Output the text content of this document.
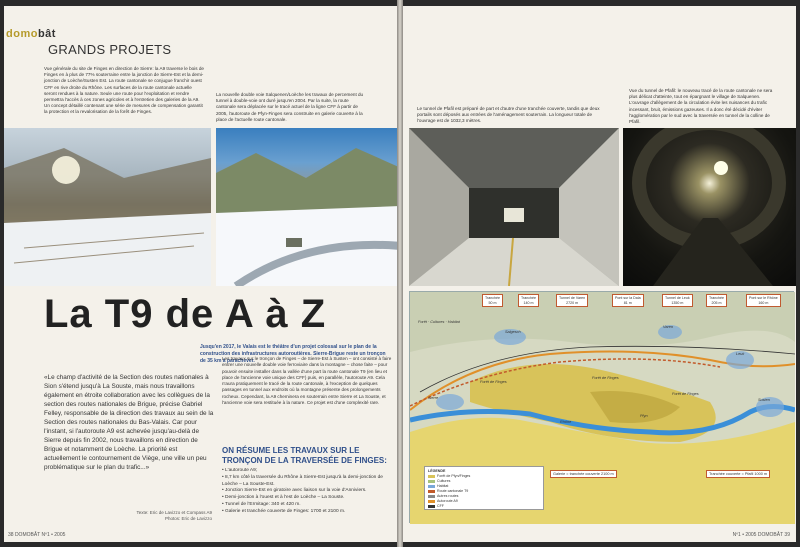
domobât
GRANDS PROJETS
Vue générale du site de Finges en direction de Sierre: la A9 traverse le bois de Finges en à plus de 77% souterraine entre la jonction de Sierre-Est et la demi-jonction de Loèche/Susten Est. La route cantonale se conjugue franchir ouest CFF en rive droite du Rhône. Les surfaces de la route cantonale actuelle seront rendues à la nature. Seule une route pour l'exploitation et rendre permettra l'accès à ces zones agricoles et à l'entretien des galeries de la A9. Un concept détaillé contenant une série de mesures de compensation garantit la protection et la revalorisation de la forêt de Finges.
La nouvelle double voie Salquenen/Loèche les travaux de percement du tunnel à double-voie ont duré jusqu'en 2004. Par la suite, la route cantonale sera déplacée sur le tracé actuel de la ligne CFF à partir de 2005, l'autoroute de Pfyn-Finges sera construite en galerie couverte à la place de l'actuelle route cantonale.
La T9 de A à Z
Jusqu'en 2017, le Valais est le théâtre d'un projet colossal sur le plan de la construction des infrastructures autoroutières. Sierre-Brigue reste un tronçon de 35 km à parachever.
«Le champ d'activité de la Section des routes nationales à Sion s'étend jusqu'à La Souste, mais nous travaillons également en étroite collaboration avec les collègues de la section des routes nationales de Brigue, précise Gabriel Felley, responsable de la direction des travaux au sein de la Section des routes nationales du Bas-Valais. Car pour l'instant, si l'autoroute A9 est achevée jusqu'au-delà de Sierre depuis fin 2002, nous travaillons en direction de Brigue et notamment de Loèche. La priorité est actuellement le contournement de Viège, une ville un peu problématique sur le plan du trafic...»
Texte: Eric de Lavizzo et Compass A9
Photos: Eric de Lavizzo
Les travaux sur le tronçon de Finges – de Sierre-Est à Susten – ont consisté à faire entrer une nouvelle double voie ferroviaire dans la montagne – chose faite – pour pouvoir ensuite installer dans la vallée d'une part la route cantonale T9 (en lieu et place de l'ancienne voie unique des CFF) puis, en parallèle, l'autoroute A9. Cela n'aura pratiquement le tracé de la route cantonale, à l'exception de quelques passages en tunnel aux endroits où la montagne présente des prolongements rocheux. Cependant, la A9 cheminera en souterrain entre Sierre et La Souste, et l'ancienne voie sera restituée à la nature. Ce projet est d'une complexité rare.
ON RÉSUME LES TRAVAUX SUR LE TRONÇON DE LA TRAVERSÉE DE FINGES:
• L'autoroute A9;
• 8,7 km côté la traversée du Rhône à Sierre-Est jusqu'à la demi-jonction de Loèche – La Souste-Est.
• Jonction Sierre-Est en giratoire avec liaison sur la voie d'Anniviers.
• Demi-jonction à l'ouest et à l'est de Loèche – La Souste.
• Tunnel de l'Ermitage: 340 et 420 m.
• Galerie et tranchée couverte de Finges: 1700 et 2100 m.
38 DOMOBÂT Nº1 • 2005
Le tunnel de Pfafil est préparé de part et d'autre d'une tranchée couverte, tandis que deux portails sont déposés aux entrées de l'aménagement souterrain. La longueur totale de l'ouvrage est de 1032,3 mètres.
Vue du tunnel de Pfafil: le nouveau tracé de la route cantonale ne sera plus délicat d'atteinte, tout en épargnant le village de Salquenen. L'ouvrage d'allègement de la circulation évite les nuisances du trafic incessant, bruit, émissions gazeuses. Il a donc été décidé d'éviter l'agglomération par le sud avec la traversée en tunnel de la colline de Pfafil.
Tranchée
50 m
Tranchée
140 m
Tunnel de Varen
2720 m
Pont sur la Dala
81 m
Tunnel de Leuk
1350 m
Tranchée
205 m
Pont sur le Rhône
160 m
Forêt · Cultures · Habitat
Salgesch
Varen
Leuk
Susten
Sierre
Forêt de Finges
Forêt de Finges
Forêt de Finges
Pfyn
Rhône
Galerie = tranchée couverte 2100 m	Tranchée couverte = Pfafil 1000 m
LÉGENDE
Forêt de Pfyn/Finges
Cultures
Habitat
Route cantonale T9
Autres routes
Autoroute A9
CFF
Nº1 • 2005 DOMOBÂT 39
